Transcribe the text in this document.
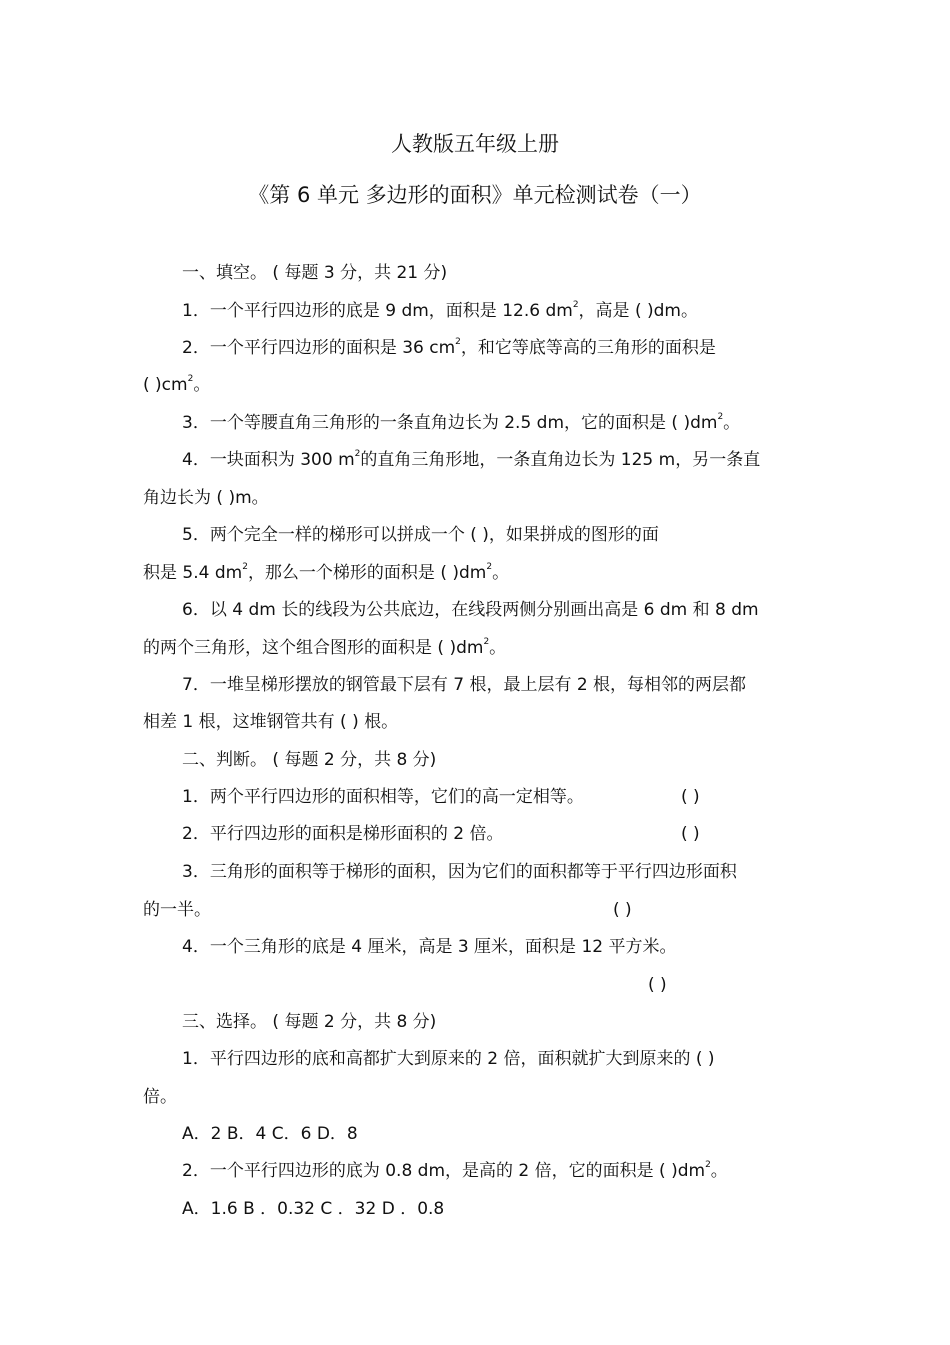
人教版五年级上册
《第 6 单元 多边形的面积》单元检测试卷（一）
一、填空。 ( 每题 3 分，共 21 分)
1．一个平行四边形的底是 9 dm，面积是 12.6 $dm^2$，高是 ( )dm。
2．一个平行四边形的面积是 36 $cm^2$，和它等底等高的三角形的面积是
( )$cm^2$。
3．一个等腰直角三角形的一条直角边长为 2.5 dm，它的面积是 ( )$dm^2$。
4．一块面积为 300 $m^2$的直角三角形地，一条直角边长为 125 m，另一条直
角边长为 ( )m。
5．两个完全一样的梯形可以拼成一个 ( )，如果拼成的图形的面
积是 5.4 $dm^2$，那么一个梯形的面积是 ( )$dm^2$。
6．以 4 dm 长的线段为公共底边，在线段两侧分别画出高是 6 dm 和 8 dm
的两个三角形，这个组合图形的面积是 ( )$dm^2$。
7．一堆呈梯形摆放的钢管最下层有 7 根，最上层有 2 根，每相邻的两层都
相差 1 根，这堆钢管共有 ( ) 根。
二、判断。 ( 每题 2 分，共 8 分)
1．两个平行四边形的面积相等，它们的高一定相等。	( )
2．平行四边形的面积是梯形面积的 2 倍。	( )
3．三角形的面积等于梯形的面积，因为它们的面积都等于平行四边形面积
的一半。	( )
4．一个三角形的底是 4 厘米，高是 3 厘米，面积是 12 平方米。
( )
三、选择。 ( 每题 2 分，共 8 分)
1．平行四边形的底和高都扩大到原来的 2 倍，面积就扩大到原来的 ( )
倍。
A．2 B．4 C．6 D．8
2．一个平行四边形的底为 0.8 dm，是高的 2 倍，它的面积是 ( )$dm^2$。
A．1.6 B ．0.32 C ．32 D ．0.8
